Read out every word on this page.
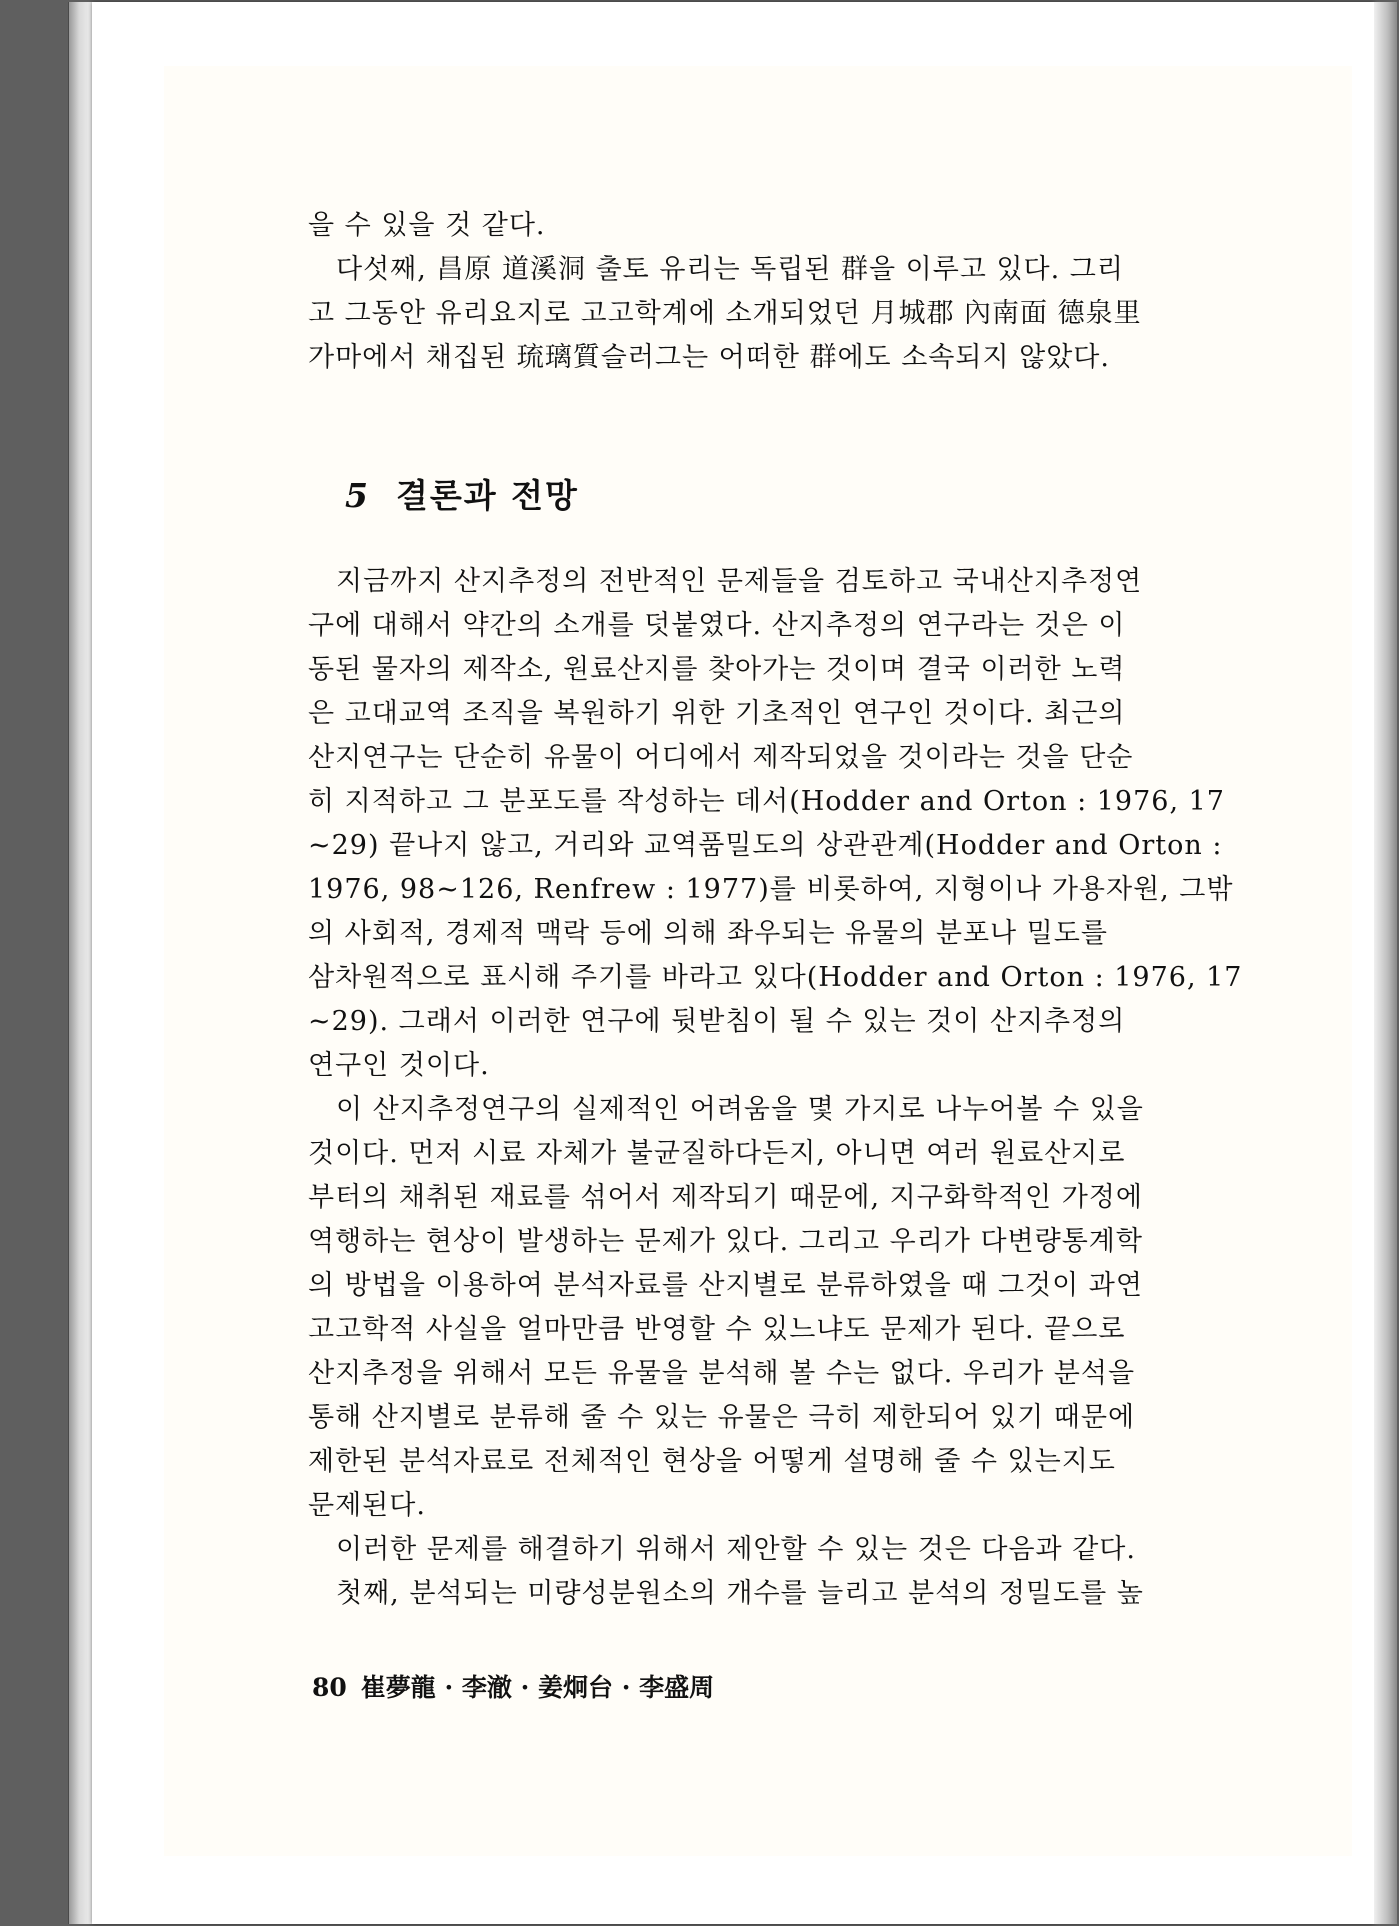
을 수 있을 것 같다.
　다섯째, 昌原 道溪洞 출토 유리는 독립된 群을 이루고 있다. 그리
고 그동안 유리요지로 고고학계에 소개되었던 月城郡 內南面 德泉里
가마에서 채집된 琉璃質슬러그는 어떠한 群에도 소속되지 않았다.
5 결론과 전망
　지금까지 산지추정의 전반적인 문제들을 검토하고 국내산지추정연
구에 대해서 약간의 소개를 덧붙였다. 산지추정의 연구라는 것은 이
동된 물자의 제작소, 원료산지를 찾아가는 것이며 결국 이러한 노력
은 고대교역 조직을 복원하기 위한 기초적인 연구인 것이다. 최근의
산지연구는 단순히 유물이 어디에서 제작되었을 것이라는 것을 단순
히 지적하고 그 분포도를 작성하는 데서(Hodder and Orton : 1976, 17
~29) 끝나지 않고, 거리와 교역품밀도의 상관관계(Hodder and Orton :
1976, 98~126, Renfrew : 1977)를 비롯하여, 지형이나 가용자원, 그밖
의 사회적, 경제적 맥락 등에 의해 좌우되는 유물의 분포나 밀도를
삼차원적으로 표시해 주기를 바라고 있다(Hodder and Orton : 1976, 17
~29). 그래서 이러한 연구에 뒷받침이 될 수 있는 것이 산지추정의
연구인 것이다.
　이 산지추정연구의 실제적인 어려움을 몇 가지로 나누어볼 수 있을
것이다. 먼저 시료 자체가 불균질하다든지, 아니면 여러 원료산지로
부터의 채취된 재료를 섞어서 제작되기 때문에, 지구화학적인 가정에
역행하는 현상이 발생하는 문제가 있다. 그리고 우리가 다변량통계학
의 방법을 이용하여 분석자료를 산지별로 분류하였을 때 그것이 과연
고고학적 사실을 얼마만큼 반영할 수 있느냐도 문제가 된다. 끝으로
산지추정을 위해서 모든 유물을 분석해 볼 수는 없다. 우리가 분석을
통해 산지별로 분류해 줄 수 있는 유물은 극히 제한되어 있기 때문에
제한된 분석자료로 전체적인 현상을 어떻게 설명해 줄 수 있는지도
문제된다.
　이러한 문제를 해결하기 위해서 제안할 수 있는 것은 다음과 같다.
　첫째, 분석되는 미량성분원소의 개수를 늘리고 분석의 정밀도를 높
80 崔夢龍 · 李澈 · 姜炯台 · 李盛周
